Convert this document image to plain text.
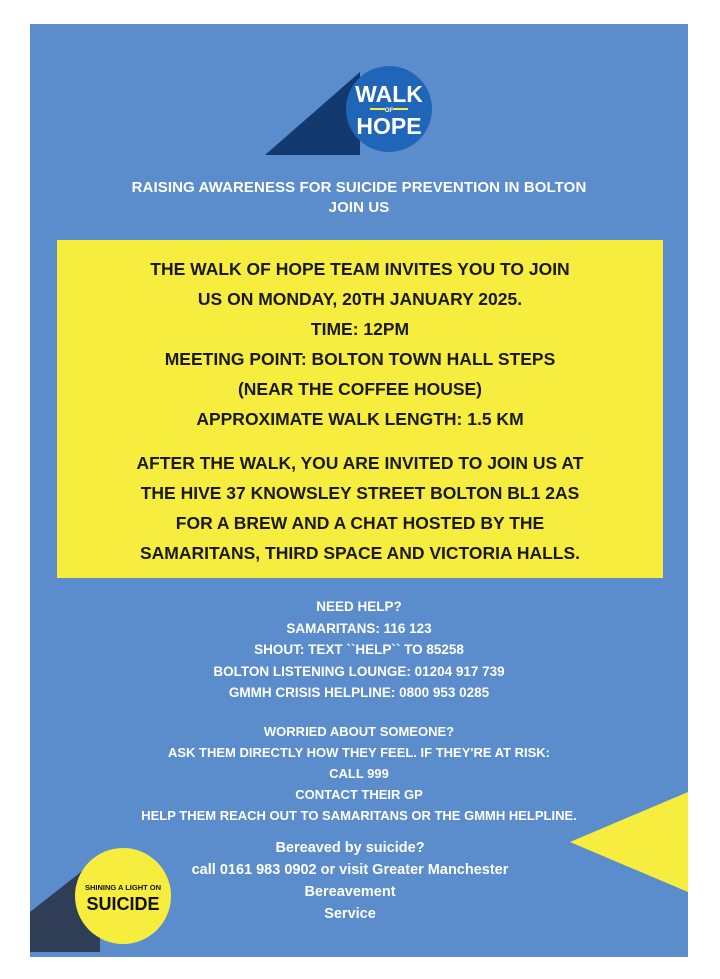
WALK
OF
HOPE
RAISING AWARENESS FOR SUICIDE PREVENTION IN BOLTON
JOIN US
THE WALK OF HOPE TEAM INVITES YOU TO JOIN
US ON MONDAY, 20TH JANUARY 2025.
TIME: 12PM
MEETING POINT: BOLTON TOWN HALL STEPS
(NEAR THE COFFEE HOUSE)
APPROXIMATE WALK LENGTH: 1.5 KM
AFTER THE WALK, YOU ARE INVITED TO JOIN US AT
THE HIVE 37 KNOWSLEY STREET BOLTON BL1 2AS
FOR A BREW AND A CHAT HOSTED BY THE
SAMARITANS, THIRD SPACE AND VICTORIA HALLS.
NEED HELP?
SAMARITANS: 116 123
SHOUT: TEXT ``HELP`` TO 85258
BOLTON LISTENING LOUNGE: 01204 917 739
GMMH CRISIS HELPLINE: 0800 953 0285
WORRIED ABOUT SOMEONE?
ASK THEM DIRECTLY HOW THEY FEEL. IF THEY'RE AT RISK:
CALL 999
CONTACT THEIR GP
HELP THEM REACH OUT TO SAMARITANS OR THE GMMH HELPLINE.
Bereaved by suicide?
call 0161 983 0902 or visit Greater Manchester
Bereavement
Service
SHINING A LIGHT ON
SUICIDE
